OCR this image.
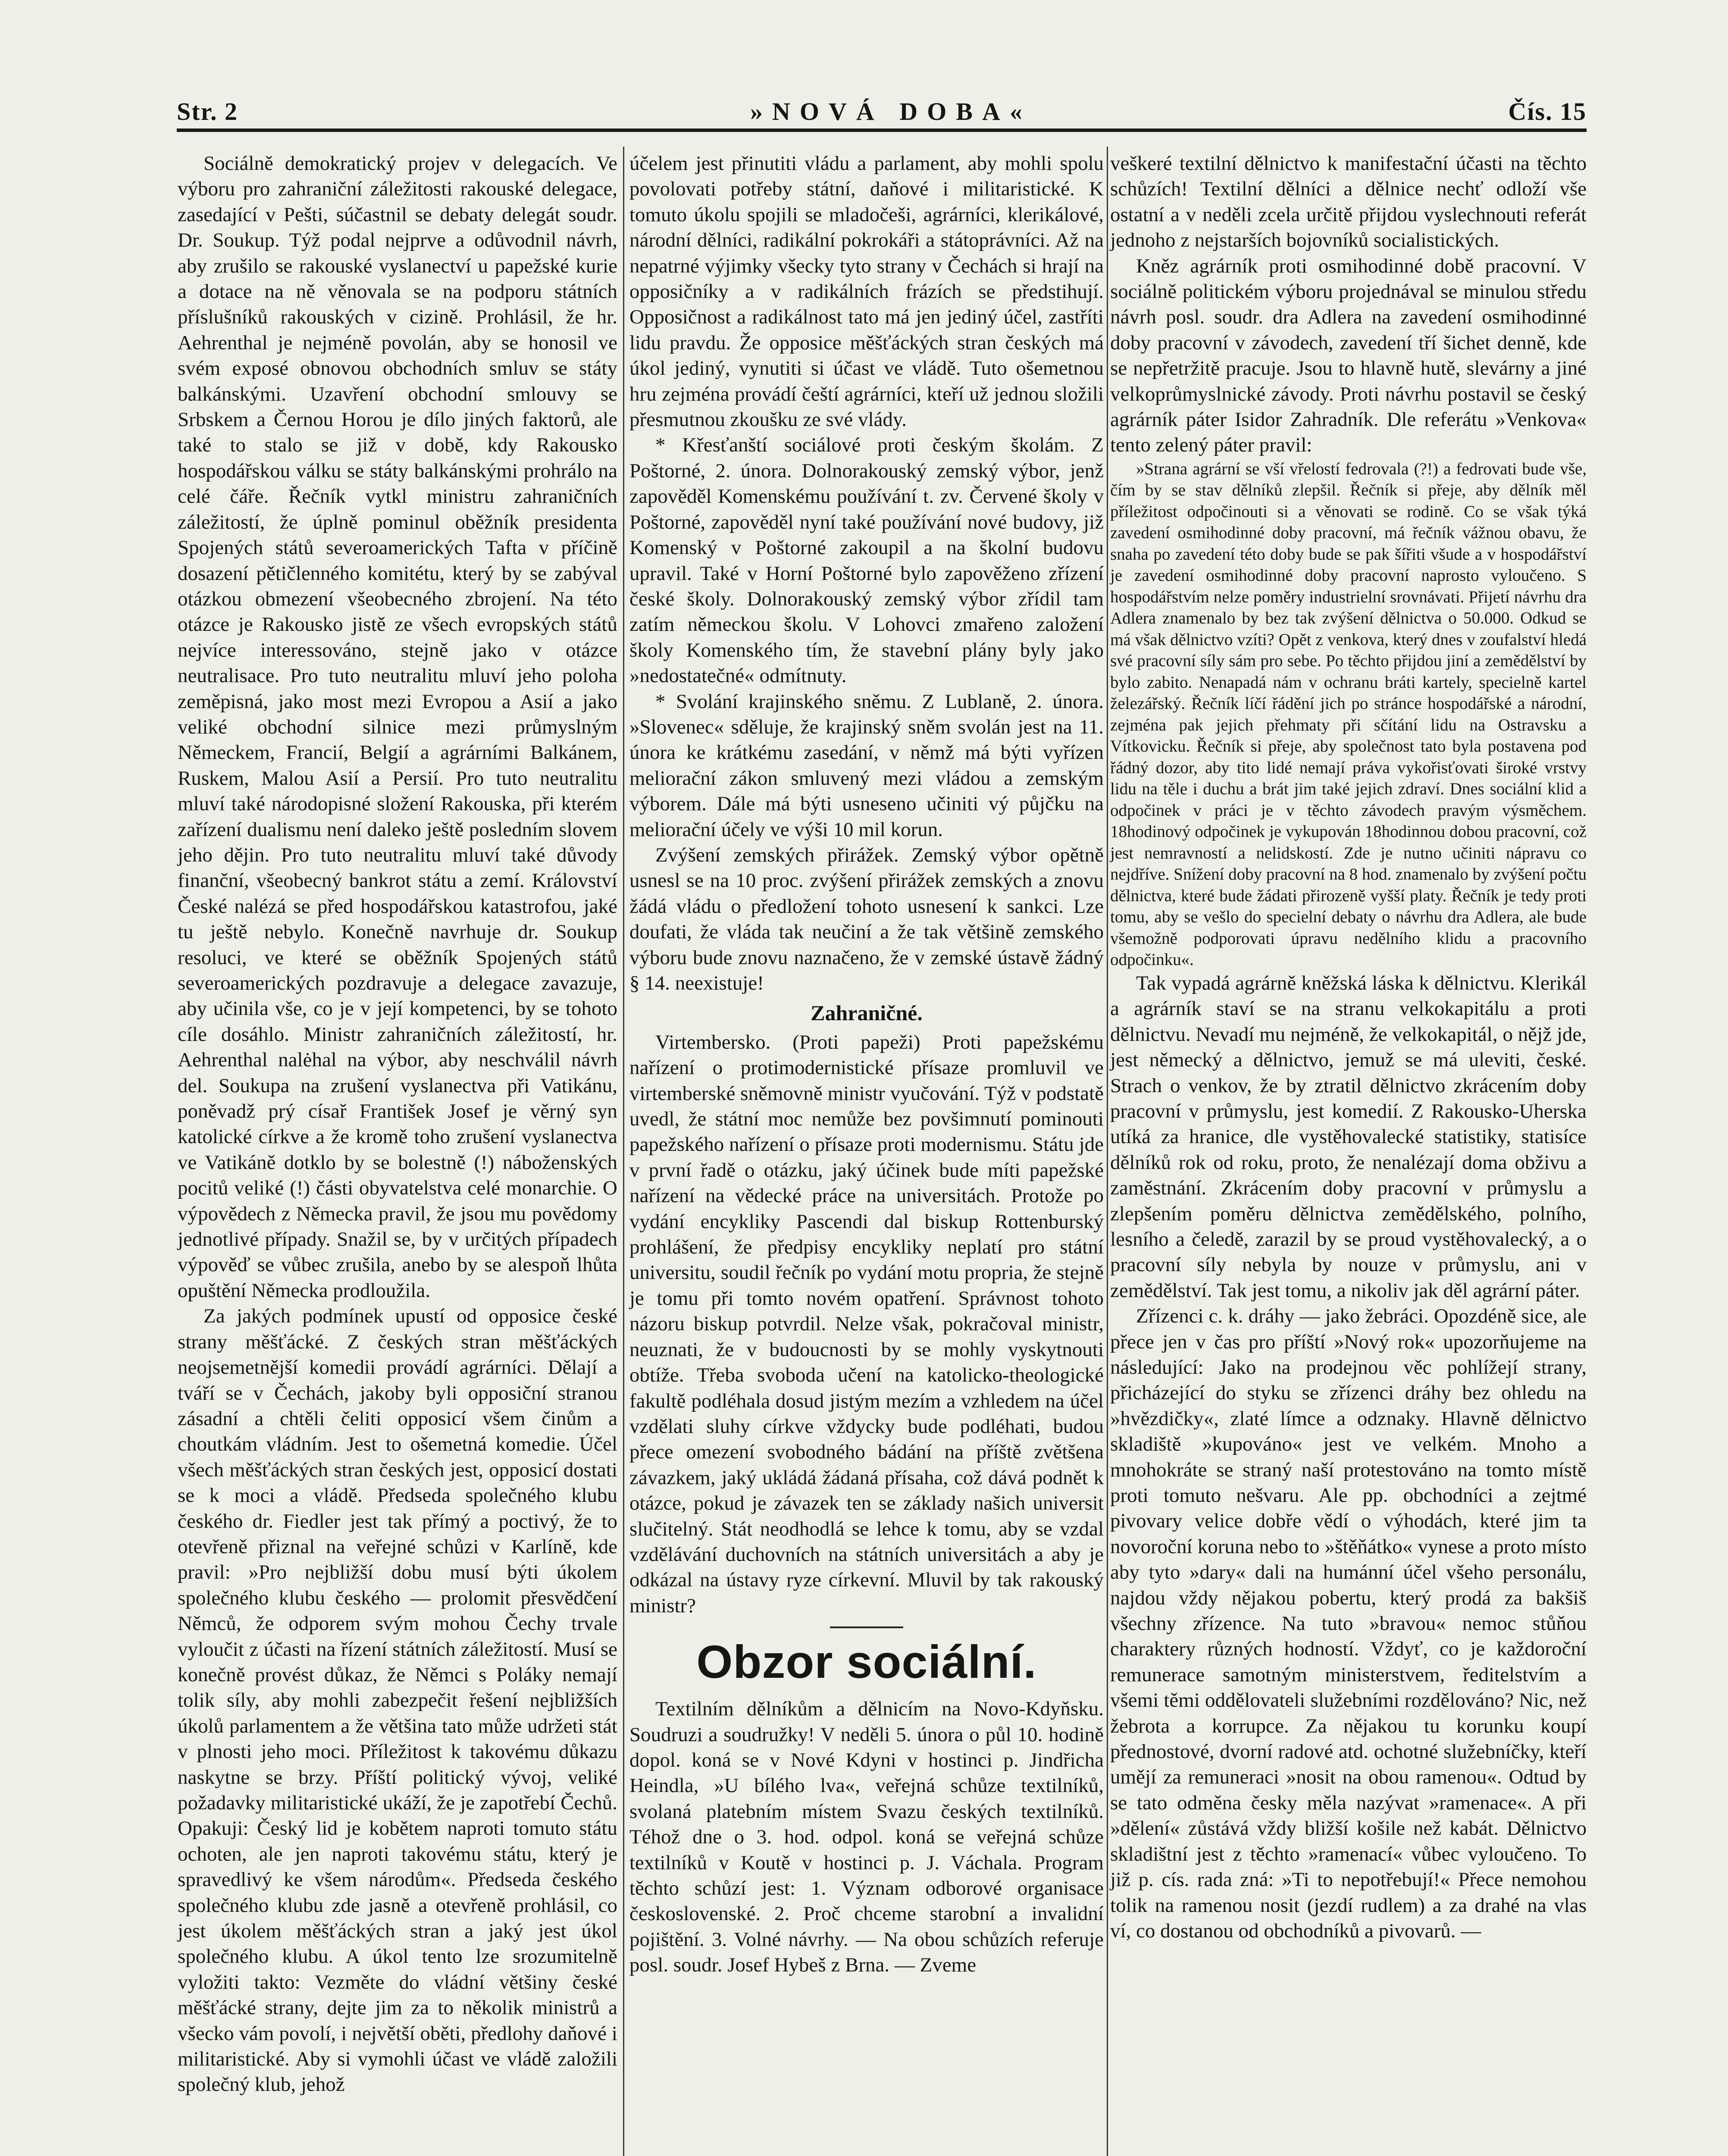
Str. 2	»NOVÁ DOBA«	Čís. 15

Sociálně demokratický projev v delegacích. Ve výboru pro zahraniční záležitosti rakouské delegace, zasedající v Pešti, súčastnil se debaty delegát soudr. Dr. Soukup. Týž podal nejprve a odůvodnil návrh, aby zrušilo se rakouské vyslanectví u papežské kurie a dotace na ně věnovala se na podporu státních příslušníků rakouských v cizině. Prohlásil, že hr. Aehrenthal je nejméně povolán, aby se honosil ve svém exposé obnovou obchodních smluv se státy balkánskými. Uzavření obchodní smlouvy se Srbskem a Černou Horou je dílo jiných faktorů, ale také to stalo se již v době, kdy Rakousko hospodářskou válku se státy balkánskými prohrálo na celé čáře. Řečník vytkl ministru zahraničních záležitostí, že úplně pominul oběžník presidenta Spojených států severoamerických Tafta v příčině dosazení pětičlenného komitétu, který by se zabýval otázkou obmezení všeobecného zbrojení. Na této otázce je Rakousko jistě ze všech evropských států nejvíce interessováno, stejně jako v otázce neutralisace. Pro tuto neutralitu mluví jeho poloha zeměpisná, jako most mezi Evropou a Asií a jako veliké obchodní silnice mezi průmyslným Německem, Francií, Belgií a agrárními Balkánem, Ruskem, Malou Asií a Persií. Pro tuto neutralitu mluví také národopisné složení Rakouska, při kterém zařízení dualismu není daleko ještě posledním slovem jeho dějin. Pro tuto neutralitu mluví také důvody finanční, všeobecný bankrot státu a zemí. Království České nalézá se před hospodářskou katastrofou, jaké tu ještě nebylo. Konečně navrhuje dr. Soukup resoluci, ve které se oběžník Spojených států severoamerických pozdravuje a delegace zavazuje, aby učinila vše, co je v její kompetenci, by se tohoto cíle dosáhlo. Ministr zahraničních záležitostí, hr. Aehrenthal nalėhal na výbor, aby neschválil návrh del. Soukupa na zrušení vyslanectva při Vatikánu, poněvadž prý císař František Josef je věrný syn katolické církve a že kromě toho zrušení vyslanectva ve Vatikáně dotklo by se bolestně (!) náboženských pocitů veliké (!) části obyvatelstva celé monarchie. O výpovědech z Německa pravil, že jsou mu povědomy jednotlivé případy. Snažil se, by v určitých případech výpověď se vůbec zrušila, anebo by se alespoň lhůta opuštění Německa prodloužila.

Za jakých podmínek upustí od opposice české strany měšťácké. Z českých stran měšťáckých neojsemetnější komedii provádí agrárníci. Dělají a tváří se v Čechách, jakoby byli opposiční stranou zásadní a chtěli čeliti opposicí všem činům a choutkám vládním. Jest to ošemetná komedie. Účel všech měšťáckých stran českých jest, opposicí dostati se k moci a vládě. Předseda společného klubu českého dr. Fiedler jest tak přímý a poctivý, že to otevřeně přiznal na veřejné schůzi v Karlíně, kde pravil: »Pro nejbližší dobu musí býti úkolem společného klubu českého — prolomit přesvědčení Němců, že odporem svým mohou Čechy trvale vyloučit z účasti na řízení státních záležitostí. Musí se konečně provést důkaz, že Němci s Poláky nemají tolik síly, aby mohli zabezpečit řešení nejbližších úkolů parlamentem a že většina tato může udržeti stát v plnosti jeho moci. Příležitost k takovému důkazu naskytne se brzy. Příští politický vývoj, veliké požadavky militaristické ukáží, že je zapotřebí Čechů. Opakuji: Český lid je kobětem naproti tomuto státu ochoten, ale jen naproti takovému státu, který je spravedlivý ke všem národům«. Předseda českého společného klubu zde jasně a otevřeně prohlásil, co jest úkolem měšťáckých stran a jaký jest úkol společného klubu. A úkol tento lze srozumitelně vyložiti takto: Vezměte do vládní většiny české měšťácké strany, dejte jim za to několik ministrů a všecko vám povolí, i největší oběti, předlohy daňové i militaristické. Aby si vymohli účast ve vládě založili společný klub, jehož

účelem jest přinutiti vládu a parlament, aby mohli spolu povolovati potřeby státní, daňové i militaristické. K tomuto úkolu spojili se mladočeši, agrárníci, klerikálové, národní dělníci, radikální pokrokáři a státoprávníci. Až na nepatrné výjimky všecky tyto strany v Čechách si hrají na opposičníky a v radikálních frázích se předstihují. Opposičnost a radikálnost tato má jen jediný účel, zastříti lidu pravdu. Že opposice měšťáckých stran českých má úkol jediný, vynutiti si účast ve vládě. Tuto ošemetnou hru zejména provádí čeští agrárníci, kteří už jednou složili přesmutnou zkoušku ze své vlády.

* Křesťanští sociálové proti českým školám. Z Poštorné, 2. února. Dolnorakouský zemský výbor, jenž zapověděl Komenskému používání t. zv. Červené školy v Poštorné, zapověděl nyní také používání nové budovy, již Komenský v Poštorné zakoupil a na školní budovu upravil. Také v Horní Poštorné bylo zapověženo zřízení české školy. Dolnorakouský zemský výbor zřídil tam zatím německou školu. V Lohovci zmařeno založení školy Komenského tím, že stavební plány byly jako »nedostatečné« odmítnuty.

* Svolání krajinského sněmu. Z Lublaně, 2. února. »Slovenec« sděluje, že krajinský sněm svolán jest na 11. února ke krátkému zasedání, v němž má býti vyřízen meliorační zákon smluvený mezi vládou a zemským výborem. Dále má býti usneseno učiniti vý půjčku na meliorační účely ve výši 10 mil korun.

Zvýšení zemských přirážek. Zemský výbor opětně usnesl se na 10 proc. zvýšení přirážek zemských a znovu žádá vládu o předložení tohoto usnesení k sankci. Lze doufati, že vláda tak neučiní a že tak většině zemského výboru bude znovu naznačeno, že v zemské ústavě žádný § 14. neexistuje!

Zahraničné.

Virtembersko. (Proti papeži) Proti papežskému nařízení o protimodernistické přísaze promluvil ve virtemberské sněmovně ministr vyučování. Týž v podstatě uvedl, že státní moc nemůže bez povšimnutí pominouti papežského nařízení o přísaze proti modernismu. Státu jde v první řadě o otázku, jaký účinek bude míti papežské nařízení na vědecké práce na universitách. Protože po vydání encykliky Pascendi dal biskup Rottenburský prohlášení, že předpisy encykliky neplatí pro státní universitu, soudil řečník po vydání motu propria, že stejně je tomu při tomto novém opatření. Správnost tohoto názoru biskup potvrdil. Nelze však, pokračoval ministr, neuznati, že v budoucnosti by se mohly vyskytnouti obtíže. Třeba svoboda učení na katolicko-theologické fakultě podléhala dosud jistým mezím a vzhledem na účel vzdělati sluhy církve vždycky bude podléhati, budou přece omezení svobodného bádání na příště zvětšena závazkem, jaký ukládá žádaná přísaha, což dává podnět k otázce, pokud je závazek ten se základy našich universit slučitelný. Stát neodhodlá se lehce k tomu, aby se vzdal vzdělávání duchovních na státních universitách a aby je odkázal na ústavy ryze církevní. Mluvil by tak rakouský ministr?

Obzor sociální.

Textilním dělníkům a dělnicím na Novo-Kdyňsku. Soudruzi a soudružky! V neděli 5. února o půl 10. hodině dopol. koná se v Nové Kdyni v hostinci p. Jindřicha Heindla, »U bílého lva«, veřejná schůze textilníků, svolaná platebním místem Svazu českých textilníků. Téhož dne o 3. hod. odpol. koná se veřejná schůze textilníků v Koutě v hostinci p. J. Váchala. Program těchto schůzí jest: 1. Význam odborové organisace československé. 2. Proč chceme starobní a invalidní pojištění. 3. Volné návrhy. — Na obou schůzích referuje posl. soudr. Josef Hybeš z Brna. — Zveme

veškeré textilní dělnictvo k manifestační účasti na těchto schůzích! Textilní dělníci a dělnice nechť odloží vše ostatní a v neděli zcela určitě přijdou vyslechnouti referát jednoho z nejstarších bojovníků socialistických.

Kněz agrárník proti osmihodinné době pracovní. V sociálně politickém výboru projednával se minulou středu návrh posl. soudr. dra Adlera na zavedení osmihodinné doby pracovní v závodech, zavedení tří šichet denně, kde se nepřetržitě pracuje. Jsou to hlavně hutě, slevárny a jiné velkoprůmyslnické závody. Proti návrhu postavil se český agrárník páter Isidor Zahradník. Dle referátu »Venkova« tento zelený páter pravil:

»Strana agrární se vší vřelostí fedrovala (?!) a fedrovati bude vše, čím by se stav dělníků zlepšil. Řečník si přeje, aby dělník měl příležitost odpočinouti si a věnovati se rodině. Co se však týká zavedení osmihodinné doby pracovní, má řečník vážnou obavu, že snaha po zavedení této doby bude se pak šířiti všude a v hospodářství je zavedení osmihodinné doby pracovní naprosto vyloučeno. S hospodářstvím nelze poměry industrielní srovnávati. Přijetí návrhu dra Adlera znamenalo by bez tak zvýšení dělnictva o 50.000. Odkud se má však dělnictvo vzíti? Opět z venkova, který dnes v zoufalství hledá své pracovní síly sám pro sebe. Po těchto přijdou jiní a zemědělství by bylo zabito. Nenapadá nám v ochranu bráti kartely, specielně kartel železářský. Řečník líčí řádění jich po stránce hospodářské a národní, zejména pak jejich přehmaty při sčítání lidu na Ostravsku a Vítkovicku. Řečník si přeje, aby společnost tato byla postavena pod řádný dozor, aby tito lidé nemají práva vykořisťovati široké vrstvy lidu na těle i duchu a brát jim také jejich zdraví. Dnes sociální klid a odpočinek v práci je v těchto závodech pravým výsměchem. 18hodinový odpočinek je vykupován 18hodinnou dobou pracovní, což jest nemravností a nelidskostí. Zde je nutno učiniti nápravu co nejdříve. Snížení doby pracovní na 8 hod. znamenalo by zvýšení počtu dělnictva, které bude žádati přirozeně vyšší platy. Řečník je tedy proti tomu, aby se vešlo do specielní debaty o návrhu dra Adlera, ale bude všemožně podporovati úpravu nedělního klidu a pracovního odpočinku«.

Tak vypadá agrárně kněžská láska k dělnictvu. Klerikál a agrárník staví se na stranu velkokapitálu a proti dělnictvu. Nevadí mu nejméně, že velkokapitál, o nějž jde, jest německý a dělnictvo, jemuž se má uleviti, české. Strach o venkov, že by ztratil dělnictvo zkrácením doby pracovní v průmyslu, jest komedií. Z Rakousko-Uherska utíká za hranice, dle vystěhovalecké statistiky, statisíce dělníků rok od roku, proto, že nenalézají doma obživu a zaměstnání. Zkrácením doby pracovní v průmyslu a zlepšením poměru dělnictva zemědělského, polního, lesního a čeledě, zarazil by se proud vystěhovalecký, a o pracovní síly nebyla by nouze v průmyslu, ani v zemědělství. Tak jest tomu, a nikoliv jak děl agrární páter.

Zřízenci c. k. dráhy — jako žebráci. Opozdéně sice, ale přece jen v čas pro příští »Nový rok« upozorňujeme na následující: Jako na prodejnou věc pohlížejí strany, přicházející do styku se zřízenci dráhy bez ohledu na »hvězdičky«, zlaté límce a odznaky. Hlavně dělnictvo skladiště »kupováno« jest ve velkém. Mnoho a mnohokráte se straný naší protestováno na tomto místě proti tomuto nešvaru. Ale pp. obchodníci a zejtmé pivovary velice dobře vědí o výhodách, které jim ta novoroční koruna nebo to »štěňátko« vynese a proto místo aby tyto »dary« dali na humánní účel všeho personálu, najdou vždy nějakou pobertu, který prodá za bakšiš všechny zřízence. Na tuto »bravou« nemoc stůňou charaktery různých hodností. Vždyť, co je každoroční remunerace samotným ministerstvem, ředitelstvím a všemi těmi oddělovateli služebními rozdělováno? Nic, než žebrota a korrupce. Za nějakou tu korunku koupí přednostové, dvorní radové atd. ochotné služebníčky, kteří umějí za remuneraci »nosit na obou ramenou«. Odtud by se tato odměna česky měla nazývat »ramenace«. A při »dělení« zůstává vždy bližší košile než kabát. Dělnictvo skladištní jest z těchto »ramenací« vůbec vyloučeno. To již p. cís. rada zná: »Ti to nepotřebují!« Přece nemohou tolik na ramenou nosit (jezdí rudlem) a za drahé na vlas ví, co dostanou od obchodníků a pivovarů. —
